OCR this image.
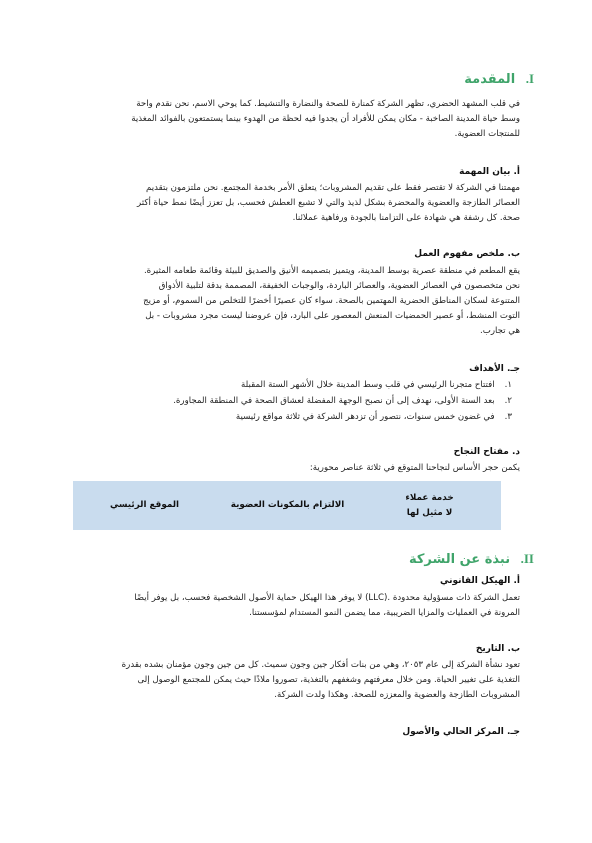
I. المقدمة
في قلب المشهد الحضري، تظهر الشركة كمنارة للصحة والنضارة والتنشيط. كما يوحي الاسم، نحن نقدم واحة
وسط حياة المدينة الصاخبة - مكان يمكن للأفراد أن يجدوا فيه لحظة من الهدوء بينما يستمتعون بالفوائد المغذية
للمنتجات العضوية.
أ. بيان المهمة
مهمتنا في الشركة لا تقتصر فقط على تقديم المشروبات؛ يتعلق الأمر بخدمة المجتمع. نحن ملتزمون بتقديم
العصائر الطازجة والعضوية والمحضرة بشكل لذيذ والتي لا تشبع العطش فحسب، بل تعزز أيضًا نمط حياة أكثر
صحة. كل رشفة هي شهادة على التزامنا بالجودة ورفاهية عملائنا.
ب. ملخص مفهوم العمل
يقع المطعم في منطقة عصرية بوسط المدينة، ويتميز بتصميمه الأنيق والصديق للبيئة وقائمة طعامه المثيرة.
نحن متخصصون في العصائر العضوية، والعصائر الباردة، والوجبات الخفيفة، المصممة بدقة لتلبية الأذواق
المتنوعة لسكان المناطق الحضرية المهتمين بالصحة. سواء كان عصيرًا أخضرًا للتخلص من السموم، أو مزيج
التوت المنشط، أو عصير الحمضيات المنعش المعصور على البارد، فإن عروضنا ليست مجرد مشروبات - بل
هي تجارب.
جـ. الأهداف
١.افتتاح متجرنا الرئيسي في قلب وسط المدينة خلال الأشهر الستة المقبلة
٢.بعد السنة الأولى، نهدف إلى أن نصبح الوجهة المفضلة لعشاق الصحة في المنطقة المجاورة.
٣.في غضون خمس سنوات، نتصور أن تزدهر الشركة في ثلاثة مواقع رئيسية
د. مفتاح النجاح
يكمن حجر الأساس لنجاحنا المتوقع في ثلاثة عناصر محورية:
خدمة عملاء
لا مثيل لها
الالتزام بالمكونات العضوية
الموقع الرئيسي
II. نبذة عن الشركة
أ. الهيكل القانوني
تعمل الشركة ذات مسؤولية محدودة .(LLC) لا يوفر هذا الهيكل حماية الأصول الشخصية فحسب، بل يوفر أيضًا
المرونة في العمليات والمزايا الضريبية، مما يضمن النمو المستدام لمؤسستنا.
ب. التاريخ
تعود نشأة الشركة إلى عام ٢٠٥٣، وهي من بنات أفكار جين وجون سميث. كل من جين وجون مؤمنان بشده بقدرة
التغذية على تغيير الحياة. ومن خلال معرفتهم وشغفهم بالتغذية، تصوروا ملاذًا حيث يمكن للمجتمع الوصول إلى
المشروبات الطازجة والعضوية والمعززه للصحة. وهكذا ولدت الشركة.
جـ. المركز الحالي والأصول
